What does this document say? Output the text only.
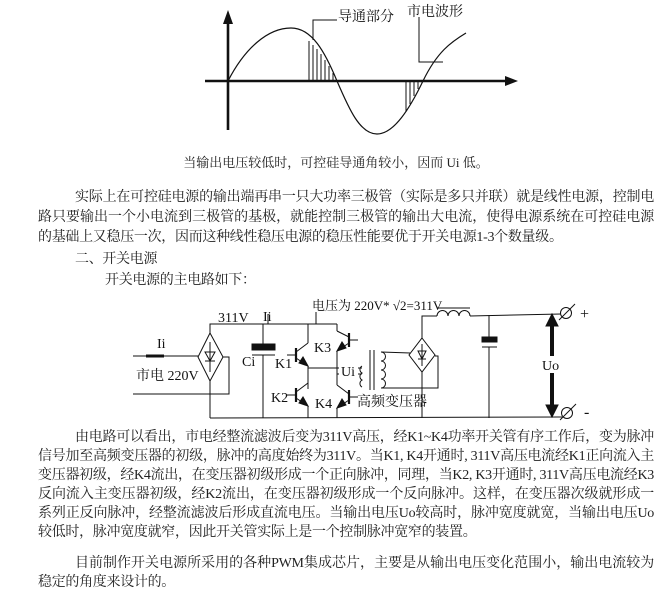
导通部分 市电波形
当输出电压较低时，可控硅导通角较小，因而 Ui 低。
实际上在可控硅电源的输出端再串一只大功率三极管（实际是多只并联）就是线性电源，控制电路只要输出一个小电流到三极管的基极，就能控制三极管的输出大电流，使得电源系统在可控硅电源的基础上又稳压一次，因而这种线性稳压电源的稳压性能要优于开关电源1-3个数量级。
二、开关电源
开关电源的主电路如下：
Ii
市电 220V
311V Ii
Ci
电压为 220V* √2=311V
K1
K2
K3
K4
Ui
高频变压器
Uo
+
-
由电路可以看出，市电经整流滤波后变为311V高压，经K1~K4功率开关管有序工作后，变为脉冲信号加至高频变压器的初级，脉冲的高度始终为311V。当K1, K4开通时, 311V高压电流经K1正向流入主变压器初级，经K4流出，在变压器初级形成一个正向脉冲，同理，当K2, K3开通时, 311V高压电流经K3反向流入主变压器初级，经K2流出，在变压器初级形成一个反向脉冲。这样，在变压器次级就形成一系列正反向脉冲，经整流滤波后形成直流电压。当输出电压Uo较高时，脉冲宽度就宽，当输出电压Uo较低时，脉冲宽度就窄，因此开关管实际上是一个控制脉冲宽窄的装置。
目前制作开关电源所采用的各种PWM集成芯片，主要是从输出电压变化范围小，输出电流较为稳定的角度来设计的。
